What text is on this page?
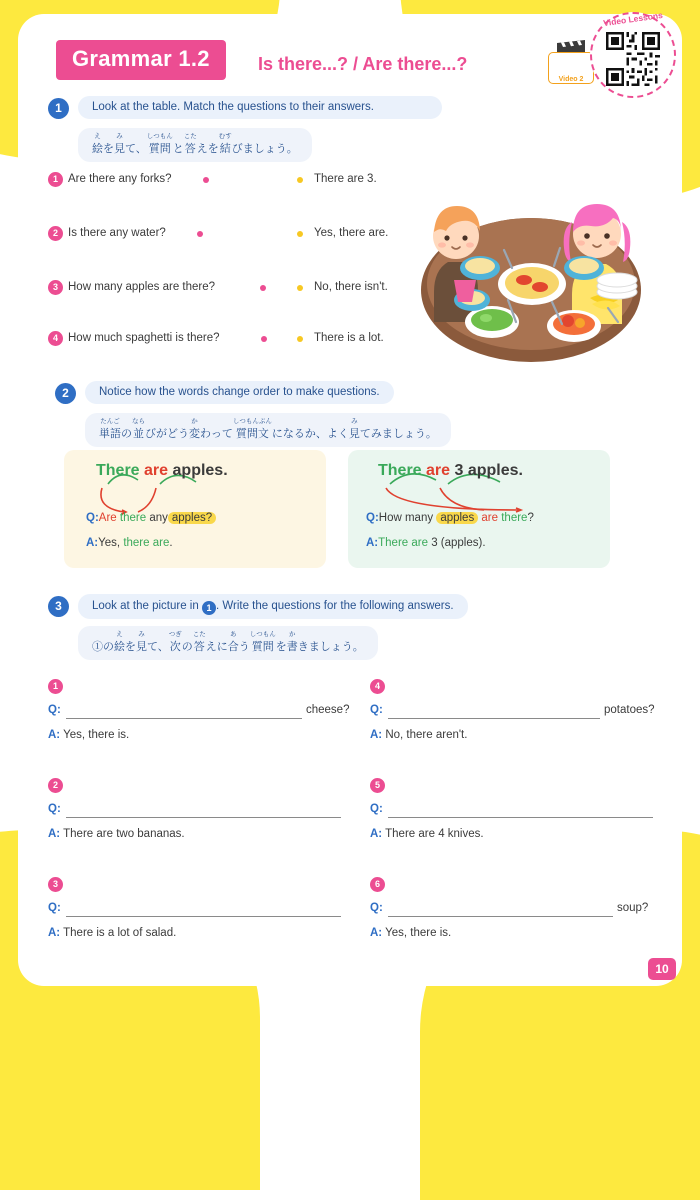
Grammar 1.2	Is there...? / Are there...?
Video 2
Video Lessons
1	Look at the table. Match the questions to their answers.
え
絵

を
み
見

て、
しつもん
質問
と
こた
答

えを
むす
結

びましょう。
1 Are there any forks?
2 Is there any water?
3 How many apples are there?
4 How much spaghetti is there?
There are 3.
Yes, there are.
No, there isn't.
There is a lot.
2	Notice how the words change order to make questions.
たんご
単語

の
なら
並

びがどう
か
変

わって
しつもんぶん
質問文
になるか、よく
み
見

てみましょう。
There are apples.
Q:Are there any apples?
A:Yes, there are.
There are 3 apples.
Q:How many apples are there?
A:There are 3 (apples).
3	Look at the picture in 1 . Write the questions for the following answers.

①の
え
絵

を
み
見

て、
つぎ
次

の
こた
答

えに
あ
合

う
しつもん
質問
を
か
書

きましょう。
1
Q:	cheese?
A: Yes, there is.
2
Q:
A: There are two bananas.
3
Q:
A: There is a lot of salad.
4
Q:	potatoes?
A: No, there aren't.
5
Q:
A: There are 4 knives.
6
Q:	soup?
A: Yes, there is.
10
